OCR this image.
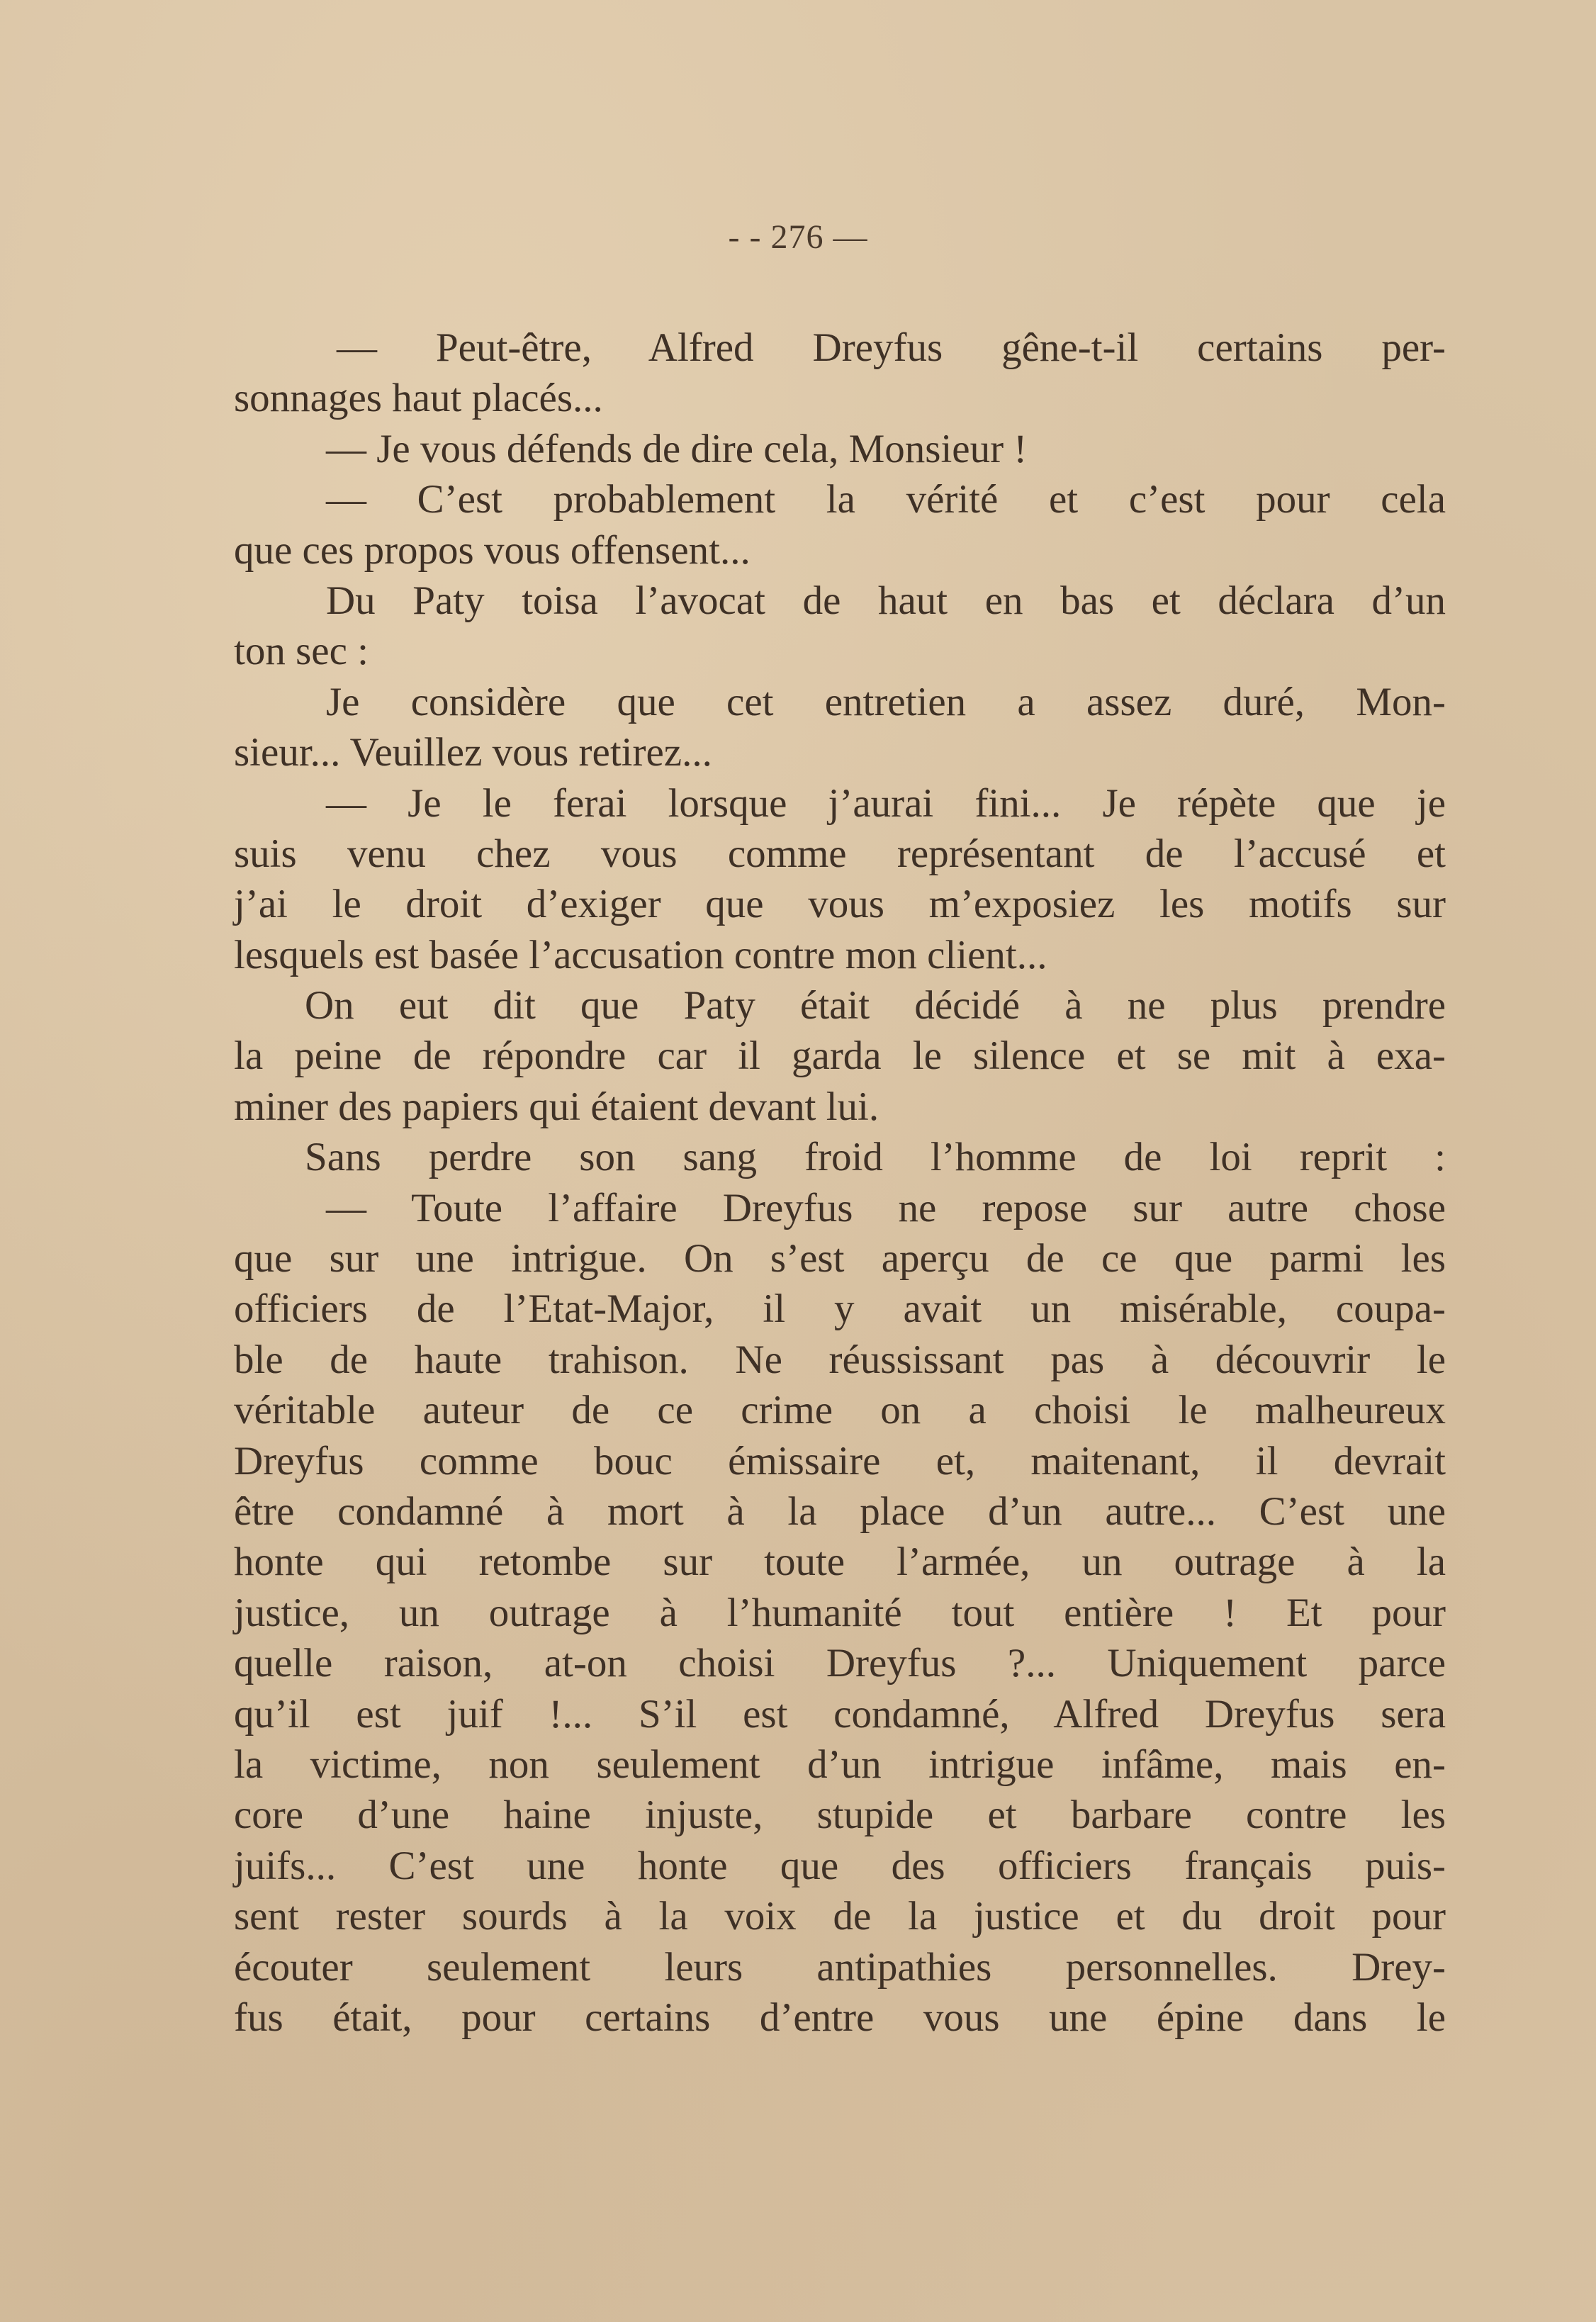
- - 276 —
— Peut-être, Alfred Dreyfus gêne-t-il certains per-
sonnages haut placés...
— Je vous défends de dire cela, Monsieur !
— C’est probablement la vérité et c’est pour cela
que ces propos vous offensent...
Du Paty toisa l’avocat de haut en bas et déclara d’un
ton sec :
Je considère que cet entretien a assez duré, Mon-
sieur... Veuillez vous retirez...
— Je le ferai lorsque j’aurai fini... Je répète que je
suis venu chez vous comme représentant de l’accusé et
j’ai le droit d’exiger que vous m’exposiez les motifs sur
lesquels est basée l’accusation contre mon client...
On eut dit que Paty était décidé à ne plus prendre
la peine de répondre car il garda le silence et se mit à exa-
miner des papiers qui étaient devant lui.
Sans perdre son sang froid l’homme de loi reprit :
— Toute l’affaire Dreyfus ne repose sur autre chose
que sur une intrigue. On s’est aperçu de ce que parmi les
officiers de l’Etat-Major, il y avait un misérable, coupa-
ble de haute trahison. Ne réussissant pas à découvrir le
véritable auteur de ce crime on a choisi le malheureux
Dreyfus comme bouc émissaire et, maitenant, il devrait
être condamné à mort à la place d’un autre... C’est une
honte qui retombe sur toute l’armée, un outrage à la
justice, un outrage à l’humanité tout entière ! Et pour
quelle raison, at-on choisi Dreyfus ?... Uniquement parce
qu’il est juif !... S’il est condamné, Alfred Dreyfus sera
la victime, non seulement d’un intrigue infâme, mais en-
core d’une haine injuste, stupide et barbare contre les
juifs... C’est une honte que des officiers français puis-
sent rester sourds à la voix de la justice et du droit pour
écouter seulement leurs antipathies personnelles. Drey-
fus était, pour certains d’entre vous une épine dans le
